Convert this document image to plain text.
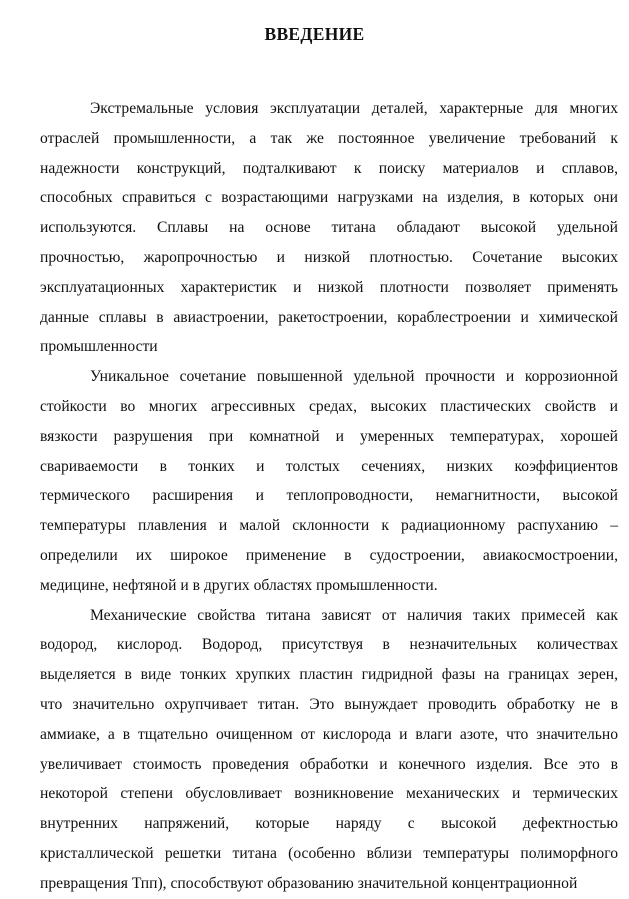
ВВЕДЕНИЕ

Экстремальные условия эксплуатации деталей, характерные для многих
отраслей промышленности, а так же постоянное увеличение требований к
надежности конструкций, подталкивают к поиску материалов и сплавов,
способных справиться с возрастающими нагрузками на изделия, в которых они
используются. Сплавы на основе титана обладают высокой удельной
прочностью, жаропрочностью и низкой плотностью. Сочетание высоких
эксплуатационных характеристик и низкой плотности позволяет применять
данные сплавы в авиастроении, ракетостроении, кораблестроении и химической
промышленности

Уникальное сочетание повышенной удельной прочности и коррозионной
стойкости во многих агрессивных средах, высоких пластических свойств и
вязкости разрушения при комнатной и умеренных температурах, хорошей
свариваемости в тонких и толстых сечениях, низких коэффициентов
термического расширения и теплопроводности, немагнитности, высокой
температуры плавления и малой склонности к радиационному распуханию –
определили их широкое применение в судостроении, авиакосмостроении,
медицине, нефтяной и в других областях промышленности.

Механические свойства титана зависят от наличия таких примесей как
водород, кислород. Водород, присутствуя в незначительных количествах
выделяется в виде тонких хрупких пластин гидридной фазы на границах зерен,
что значительно охрупчивает титан. Это вынуждает проводить обработку не в
аммиаке, а в тщательно очищенном от кислорода и влаги азоте, что значительно
увеличивает стоимость проведения обработки и конечного изделия. Все это в
некоторой степени обусловливает возникновение механических и термических
внутренних напряжений, которые наряду с высокой дефектностью
кристаллической решетки титана (особенно вблизи температуры полиморфного
превращения Тпп), способствуют образованию значительной концентрационной
